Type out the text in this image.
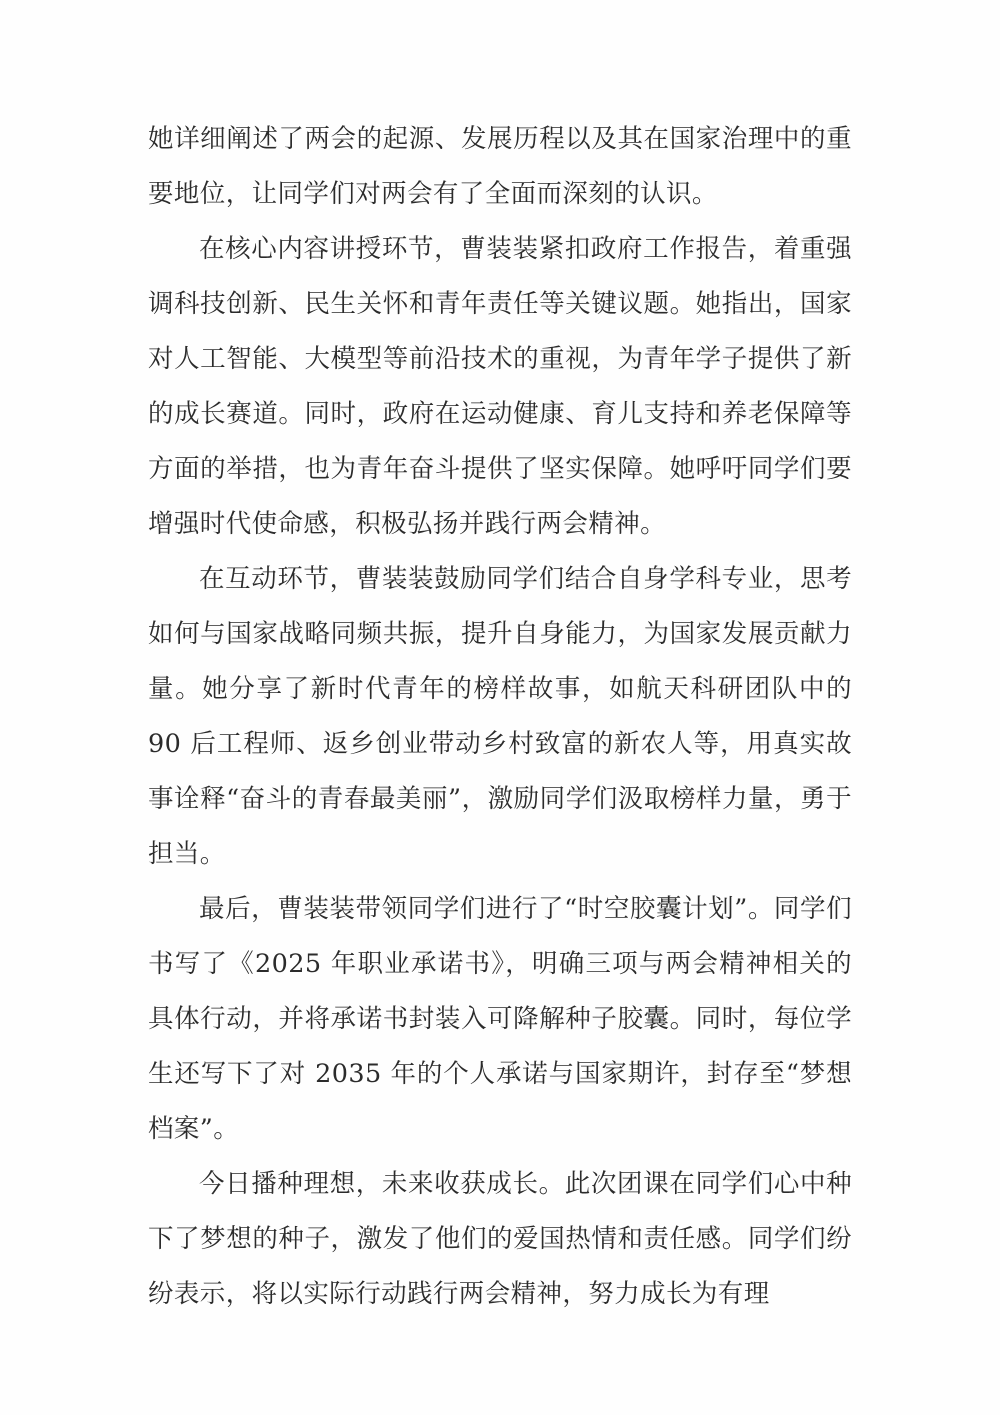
她详细阐述了两会的起源、发展历程以及其在国家治理中的重要地位，让同学们对两会有了全面而深刻的认识。

在核心内容讲授环节，曹装装紧扣政府工作报告，着重强调科技创新、民生关怀和青年责任等关键议题。她指出，国家对人工智能、大模型等前沿技术的重视，为青年学子提供了新的成长赛道。同时，政府在运动健康、育儿支持和养老保障等方面的举措，也为青年奋斗提供了坚实保障。她呼吁同学们要增强时代使命感，积极弘扬并践行两会精神。

在互动环节，曹装装鼓励同学们结合自身学科专业，思考如何与国家战略同频共振，提升自身能力，为国家发展贡献力量。她分享了新时代青年的榜样故事，如航天科研团队中的 90 后工程师、返乡创业带动乡村致富的新农人等，用真实故事诠释“奋斗的青春最美丽”，激励同学们汲取榜样力量，勇于担当。

最后，曹装装带领同学们进行了“时空胶囊计划”。同学们书写了《2025 年职业承诺书》，明确三项与两会精神相关的具体行动，并将承诺书封装入可降解种子胶囊。同时，每位学生还写下了对 2035 年的个人承诺与国家期许，封存至“梦想档案”。

今日播种理想，未来收获成长。此次团课在同学们心中种下了梦想的种子，激发了他们的爱国热情和责任感。同学们纷纷表示，将以实际行动践行两会精神，努力成长为有理
